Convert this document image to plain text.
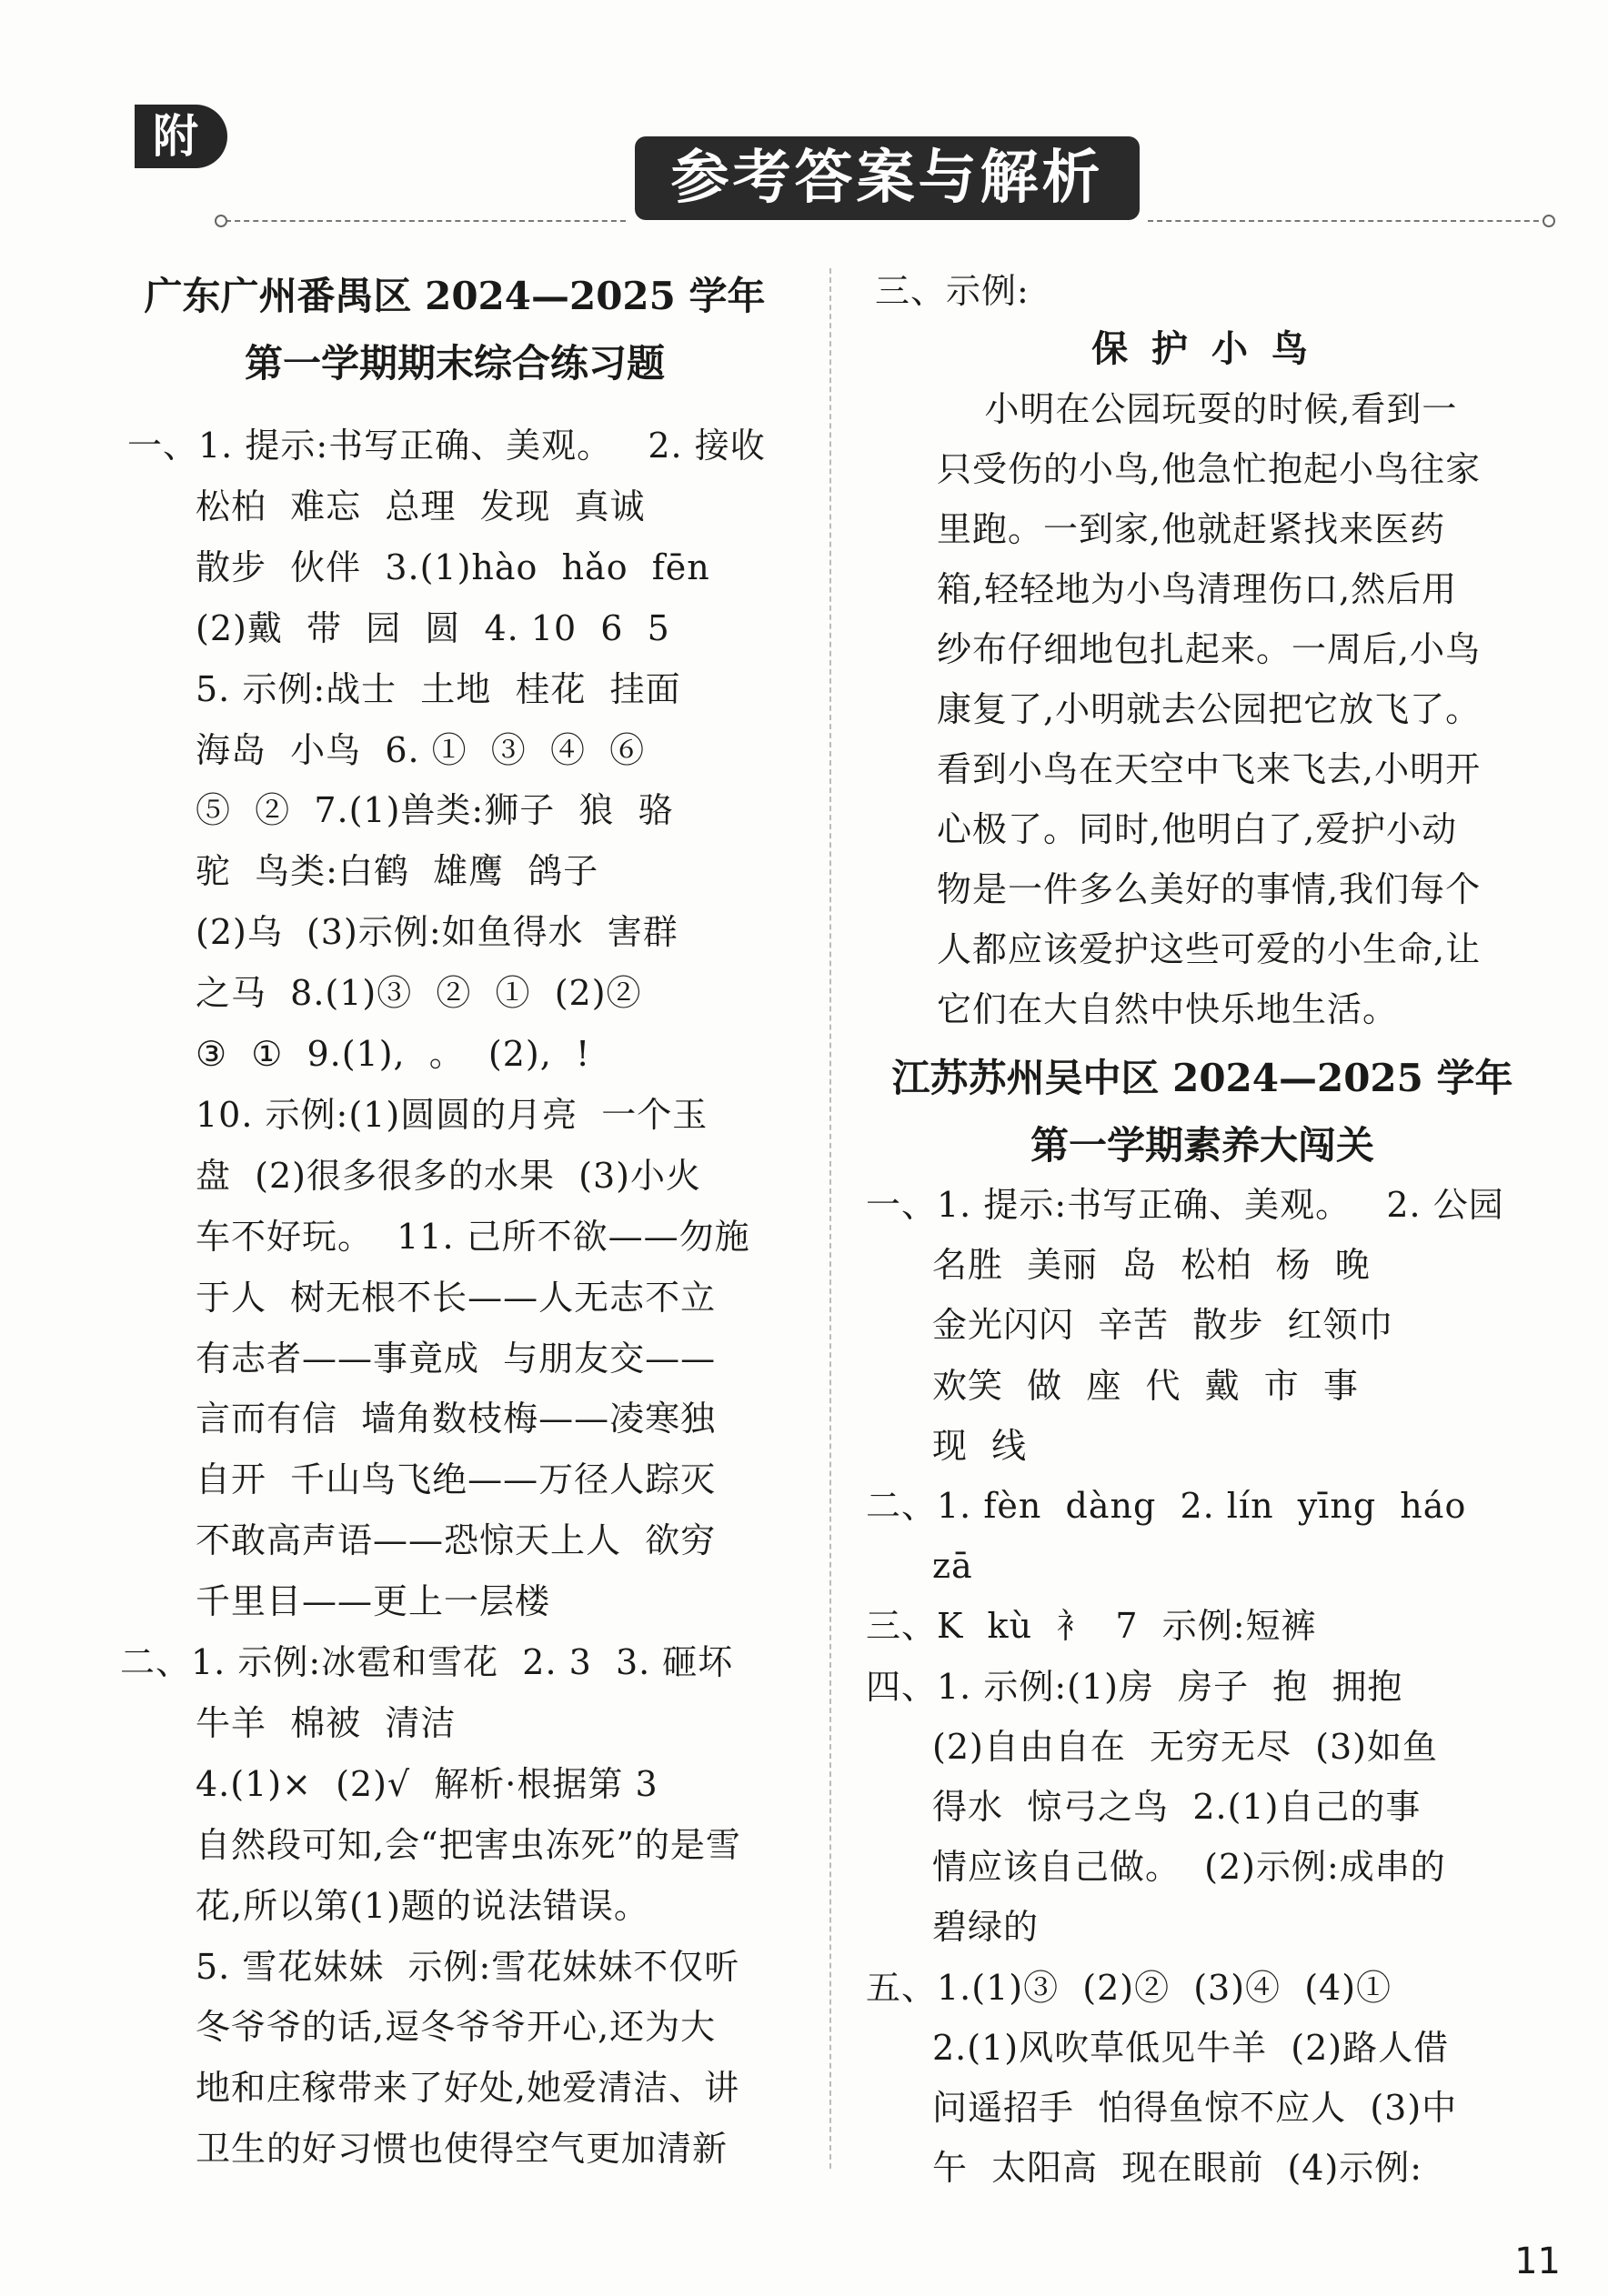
附
参考答案与解析
广东广州番禺区 2024—2025 学年
第一学期期末综合练习题
一、1. 提示:书写正确、美观。   2. 接收
松柏  难忘  总理  发现  真诚
散步  伙伴  3.(1)hào  hǎo  fēn
(2)戴  带  园  圆  4. 10  6  5
5. 示例:战士  土地  桂花  挂面
海岛  小鸟  6. ①  ③  ④  ⑥
⑤  ②  7.(1)兽类:狮子  狼  骆
驼  鸟类:白鹤  雄鹰  鸽子
(2)乌  (3)示例:如鱼得水  害群
之马  8.(1)③  ②  ①  (2)②
③  ①  9.(1),  。  (2),  !
10. 示例:(1)圆圆的月亮  一个玉
盘  (2)很多很多的水果  (3)小火
车不好玩。  11. 己所不欲——勿施
于人  树无根不长——人无志不立
有志者——事竟成  与朋友交——
言而有信  墙角数枝梅——凌寒独
自开  千山鸟飞绝——万径人踪灭
不敢高声语——恐惊天上人  欲穷
千里目——更上一层楼
二、1. 示例:冰雹和雪花  2. 3  3. 砸坏
牛羊  棉被  清洁
4.(1)×  (2)√  解析·根据第 3
自然段可知,会“把害虫冻死”的是雪
花,所以第(1)题的说法错误。
5. 雪花妹妹  示例:雪花妹妹不仅听
冬爷爷的话,逗冬爷爷开心,还为大
地和庄稼带来了好处,她爱清洁、讲
卫生的好习惯也使得空气更加清新
三、示例:
保 护 小 鸟
江苏苏州吴中区 2024—2025 学年
第一学期素养大闯关
小明在公园玩耍的时候,看到一
只受伤的小鸟,他急忙抱起小鸟往家
里跑。一到家,他就赶紧找来医药
箱,轻轻地为小鸟清理伤口,然后用
纱布仔细地包扎起来。一周后,小鸟
康复了,小明就去公园把它放飞了。
看到小鸟在天空中飞来飞去,小明开
心极了。同时,他明白了,爱护小动
物是一件多么美好的事情,我们每个
人都应该爱护这些可爱的小生命,让
它们在大自然中快乐地生活。
一、1. 提示:书写正确、美观。   2. 公园
名胜  美丽  岛  松柏  杨  晚
金光闪闪  辛苦  散步  红领巾
欢笑  做  座  代  戴  市  事
现  线
二、1. fèn  dàng  2. lín  yīng  háo
zā
三、K  kù  衤  7  示例:短裤
四、1. 示例:(1)房  房子  抱  拥抱
(2)自由自在  无穷无尽  (3)如鱼
得水  惊弓之鸟  2.(1)自己的事
情应该自己做。  (2)示例:成串的
碧绿的
五、1.(1)③  (2)②  (3)④  (4)①
2.(1)风吹草低见牛羊  (2)路人借
问遥招手  怕得鱼惊不应人  (3)中
午  太阳高  现在眼前  (4)示例:
11
